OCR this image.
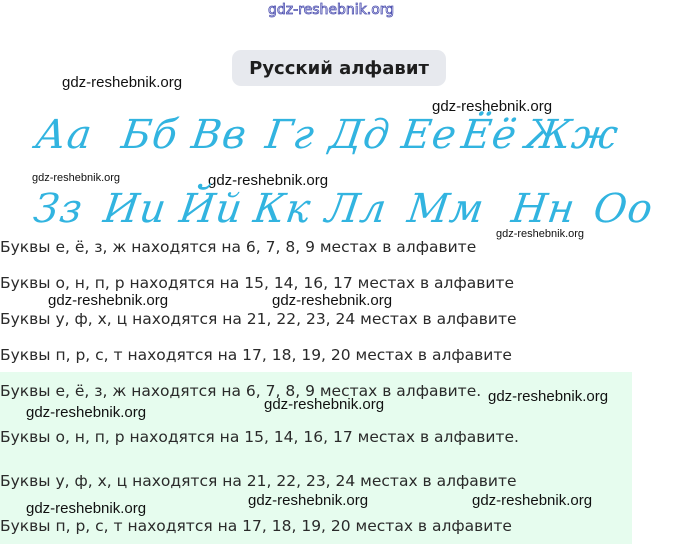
gdz-reshebnik.org
Русский алфавит
gdz-reshebnik.org
gdz-reshebnik.org
Аа Бб Вв Гг Дд Ее
Ёё Жж
gdz-reshebnik.org	gdz-reshebnik.org
Зз Ии Йй Кк Лл Мм Нн Оо
gdz-reshebnik.org
Буквы е, ё, з, ж находятся на 6, 7, 8, 9 местах в алфавите
Буквы о, н, п, р находятся на 15, 14, 16, 17 местах в алфавите
gdz-reshebnik.org	gdz-reshebnik.org
Буквы у, ф, х, ц находятся на 21, 22, 23, 24 местах в алфавите
Буквы п, р, с, т находятся на 17, 18, 19, 20 местах в алфавите
Буквы е, ё, з, ж находятся на 6, 7, 8, 9 местах в алфавите. gdz-reshebnik.org
gdz-reshebnik.org
gdz-reshebnik.org
Буквы о, н, п, р находятся на 15, 14, 16, 17 местах в алфавите.
Буквы у, ф, х, ц находятся на 21, 22, 23, 24 местах в алфавите
gdz-reshebnik.org	gdz-reshebnik.org
gdz-reshebnik.org
Буквы п, р, с, т находятся на 17, 18, 19, 20 местах в алфавите
